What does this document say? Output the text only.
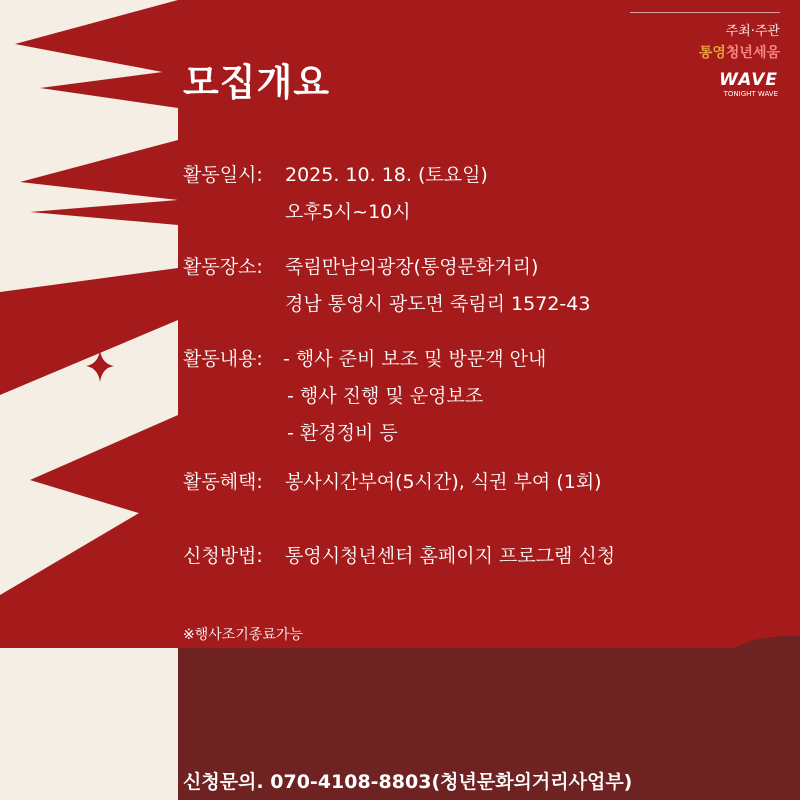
모집개요
주최·주관
통영청년세움
WAVE
TONIGHT WAVE
활동일시: 2025. 10. 18. (토요일)
오후5시~10시
활동장소: 죽림만남의광장(통영문화거리)
경남 통영시 광도면 죽림리 1572-43
활동내용: - 행사 준비 보조 및 방문객 안내
- 행사 진행 및 운영보조
- 환경정비 등
활동혜택: 봉사시간부여(5시간), 식권 부여 (1회)
신청방법: 통영시청년센터 홈페이지 프로그램 신청
※행사조기종료가능
신청문의. 070-4108-8803(청년문화의거리사업부)
